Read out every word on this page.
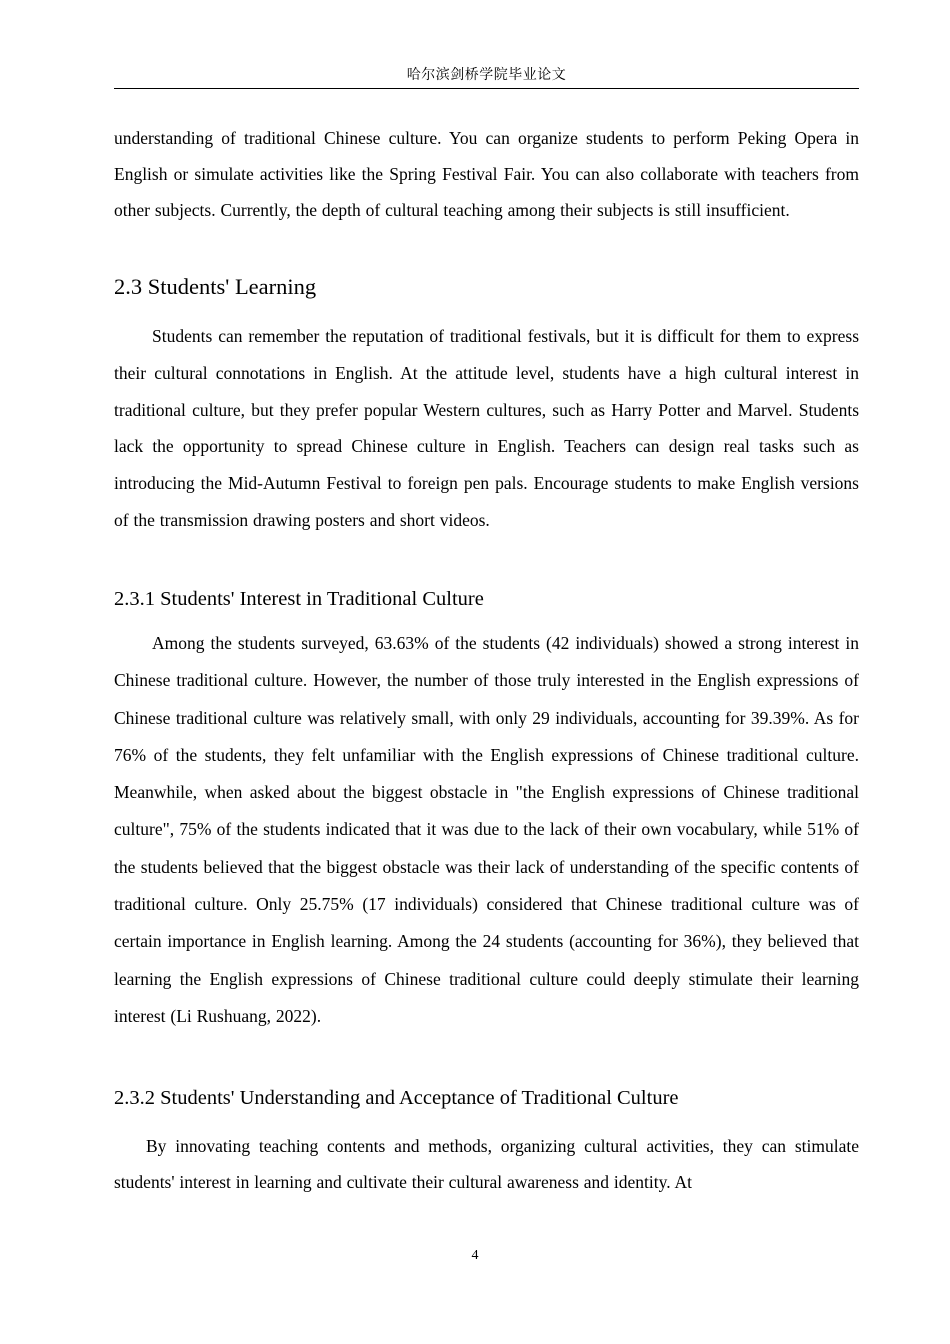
哈尔滨剑桥学院毕业论文

understanding of traditional Chinese culture. You can organize students to perform Peking Opera in English or simulate activities like the Spring Festival Fair. You can also collaborate with teachers from other subjects. Currently, the depth of cultural teaching among their subjects is still insufficient.

2.3 Students' Learning

Students can remember the reputation of traditional festivals, but it is difficult for them to express their cultural connotations in English. At the attitude level, students have a high cultural interest in traditional culture, but they prefer popular Western cultures, such as Harry Potter and Marvel. Students lack the opportunity to spread Chinese culture in English. Teachers can design real tasks such as introducing the Mid-Autumn Festival to foreign pen pals. Encourage students to make English versions of the transmission drawing posters and short videos.

2.3.1 Students' Interest in Traditional Culture

Among the students surveyed, 63.63% of the students (42 individuals) showed a strong interest in Chinese traditional culture. However, the number of those truly interested in the English expressions of Chinese traditional culture was relatively small, with only 29 individuals, accounting for 39.39%. As for 76% of the students, they felt unfamiliar with the English expressions of Chinese traditional culture. Meanwhile, when asked about the biggest obstacle in "the English expressions of Chinese traditional culture", 75% of the students indicated that it was due to the lack of their own vocabulary, while 51% of the students believed that the biggest obstacle was their lack of understanding of the specific contents of traditional culture. Only 25.75% (17 individuals) considered that Chinese traditional culture was of certain importance in English learning. Among the 24 students (accounting for 36%), they believed that learning the English expressions of Chinese traditional culture could deeply stimulate their learning interest (Li Rushuang, 2022).

2.3.2 Students' Understanding and Acceptance of Traditional Culture

By innovating teaching contents and methods, organizing cultural activities, they can stimulate students' interest in learning and cultivate their cultural awareness and identity. At

4
